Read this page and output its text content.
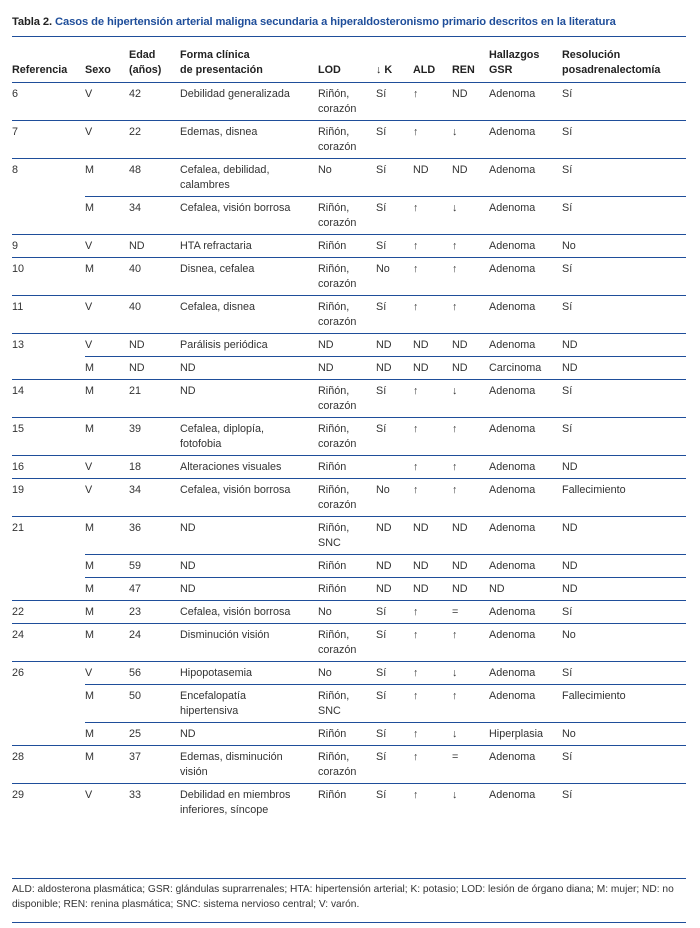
Tabla 2. Casos de hipertensión arterial maligna secundaria a hiperaldosteronismo primario descritos en la literatura
Referencia	Sexo	Edad
(años)	Forma clínica
de presentación	LOD	↓ K	ALD	REN	Hallazgos
GSR	Resolución
posadrenalectomía
6	V	42	Debilidad generalizada	Riñón,
corazón	Sí	↑	ND	Adenoma	Sí
7	V	22	Edemas, disnea	Riñón,
corazón	Sí	↑	↓	Adenoma	Sí
8	M	48	Cefalea, debilidad,
calambres	No	Sí	ND	ND	Adenoma	Sí
	M	34	Cefalea, visión borrosa	Riñón,
corazón	Sí	↑	↓	Adenoma	Sí
9	V	ND	HTA refractaria	Riñón	Sí	↑	↑	Adenoma	No
10	M	40	Disnea, cefalea	Riñón,
corazón	No	↑	↑	Adenoma	Sí
11	V	40	Cefalea, disnea	Riñón,
corazón	Sí	↑	↑	Adenoma	Sí
13	V	ND	Parálisis periódica	ND	ND	ND	ND	Adenoma	ND
	M	ND	ND	ND	ND	ND	ND	Carcinoma	ND
14	M	21	ND	Riñón,
corazón	Sí	↑	↓	Adenoma	Sí
15	M	39	Cefalea, diplopía,
fotofobia	Riñón,
corazón	Sí	↑	↑	Adenoma	Sí
16	V	18	Alteraciones visuales	Riñón		↑	↑	Adenoma	ND
19	V	34	Cefalea, visión borrosa	Riñón,
corazón	No	↑	↑	Adenoma	Fallecimiento
21	M	36	ND	Riñón,
SNC	ND	ND	ND	Adenoma	ND
	M	59	ND	Riñón	ND	ND	ND	Adenoma	ND
	M	47	ND	Riñón	ND	ND	ND	ND	ND
22	M	23	Cefalea, visión borrosa	No	Sí	↑	=	Adenoma	Sí
24	M	24	Disminución visión	Riñón,
corazón	Sí	↑	↑	Adenoma	No
26	V	56	Hipopotasemia	No	Sí	↑	↓	Adenoma	Sí
	M	50	Encefalopatía
hipertensiva	Riñón,
SNC	Sí	↑	↑	Adenoma	Fallecimiento
	M	25	ND	Riñón	Sí	↑	↓	Hiperplasia	No
28	M	37	Edemas, disminución
visión	Riñón,
corazón	Sí	↑	=	Adenoma	Sí
29	V	33	Debilidad en miembros
inferiores, síncope	Riñón	Sí	↑	↓	Adenoma	Sí
ALD: aldosterona plasmática; GSR: glándulas suprarrenales; HTA: hipertensión arterial; K: potasio; LOD: lesión de órgano diana; M: mujer; ND: no disponible; REN: renina plasmática; SNC: sistema nervioso central; V: varón.
